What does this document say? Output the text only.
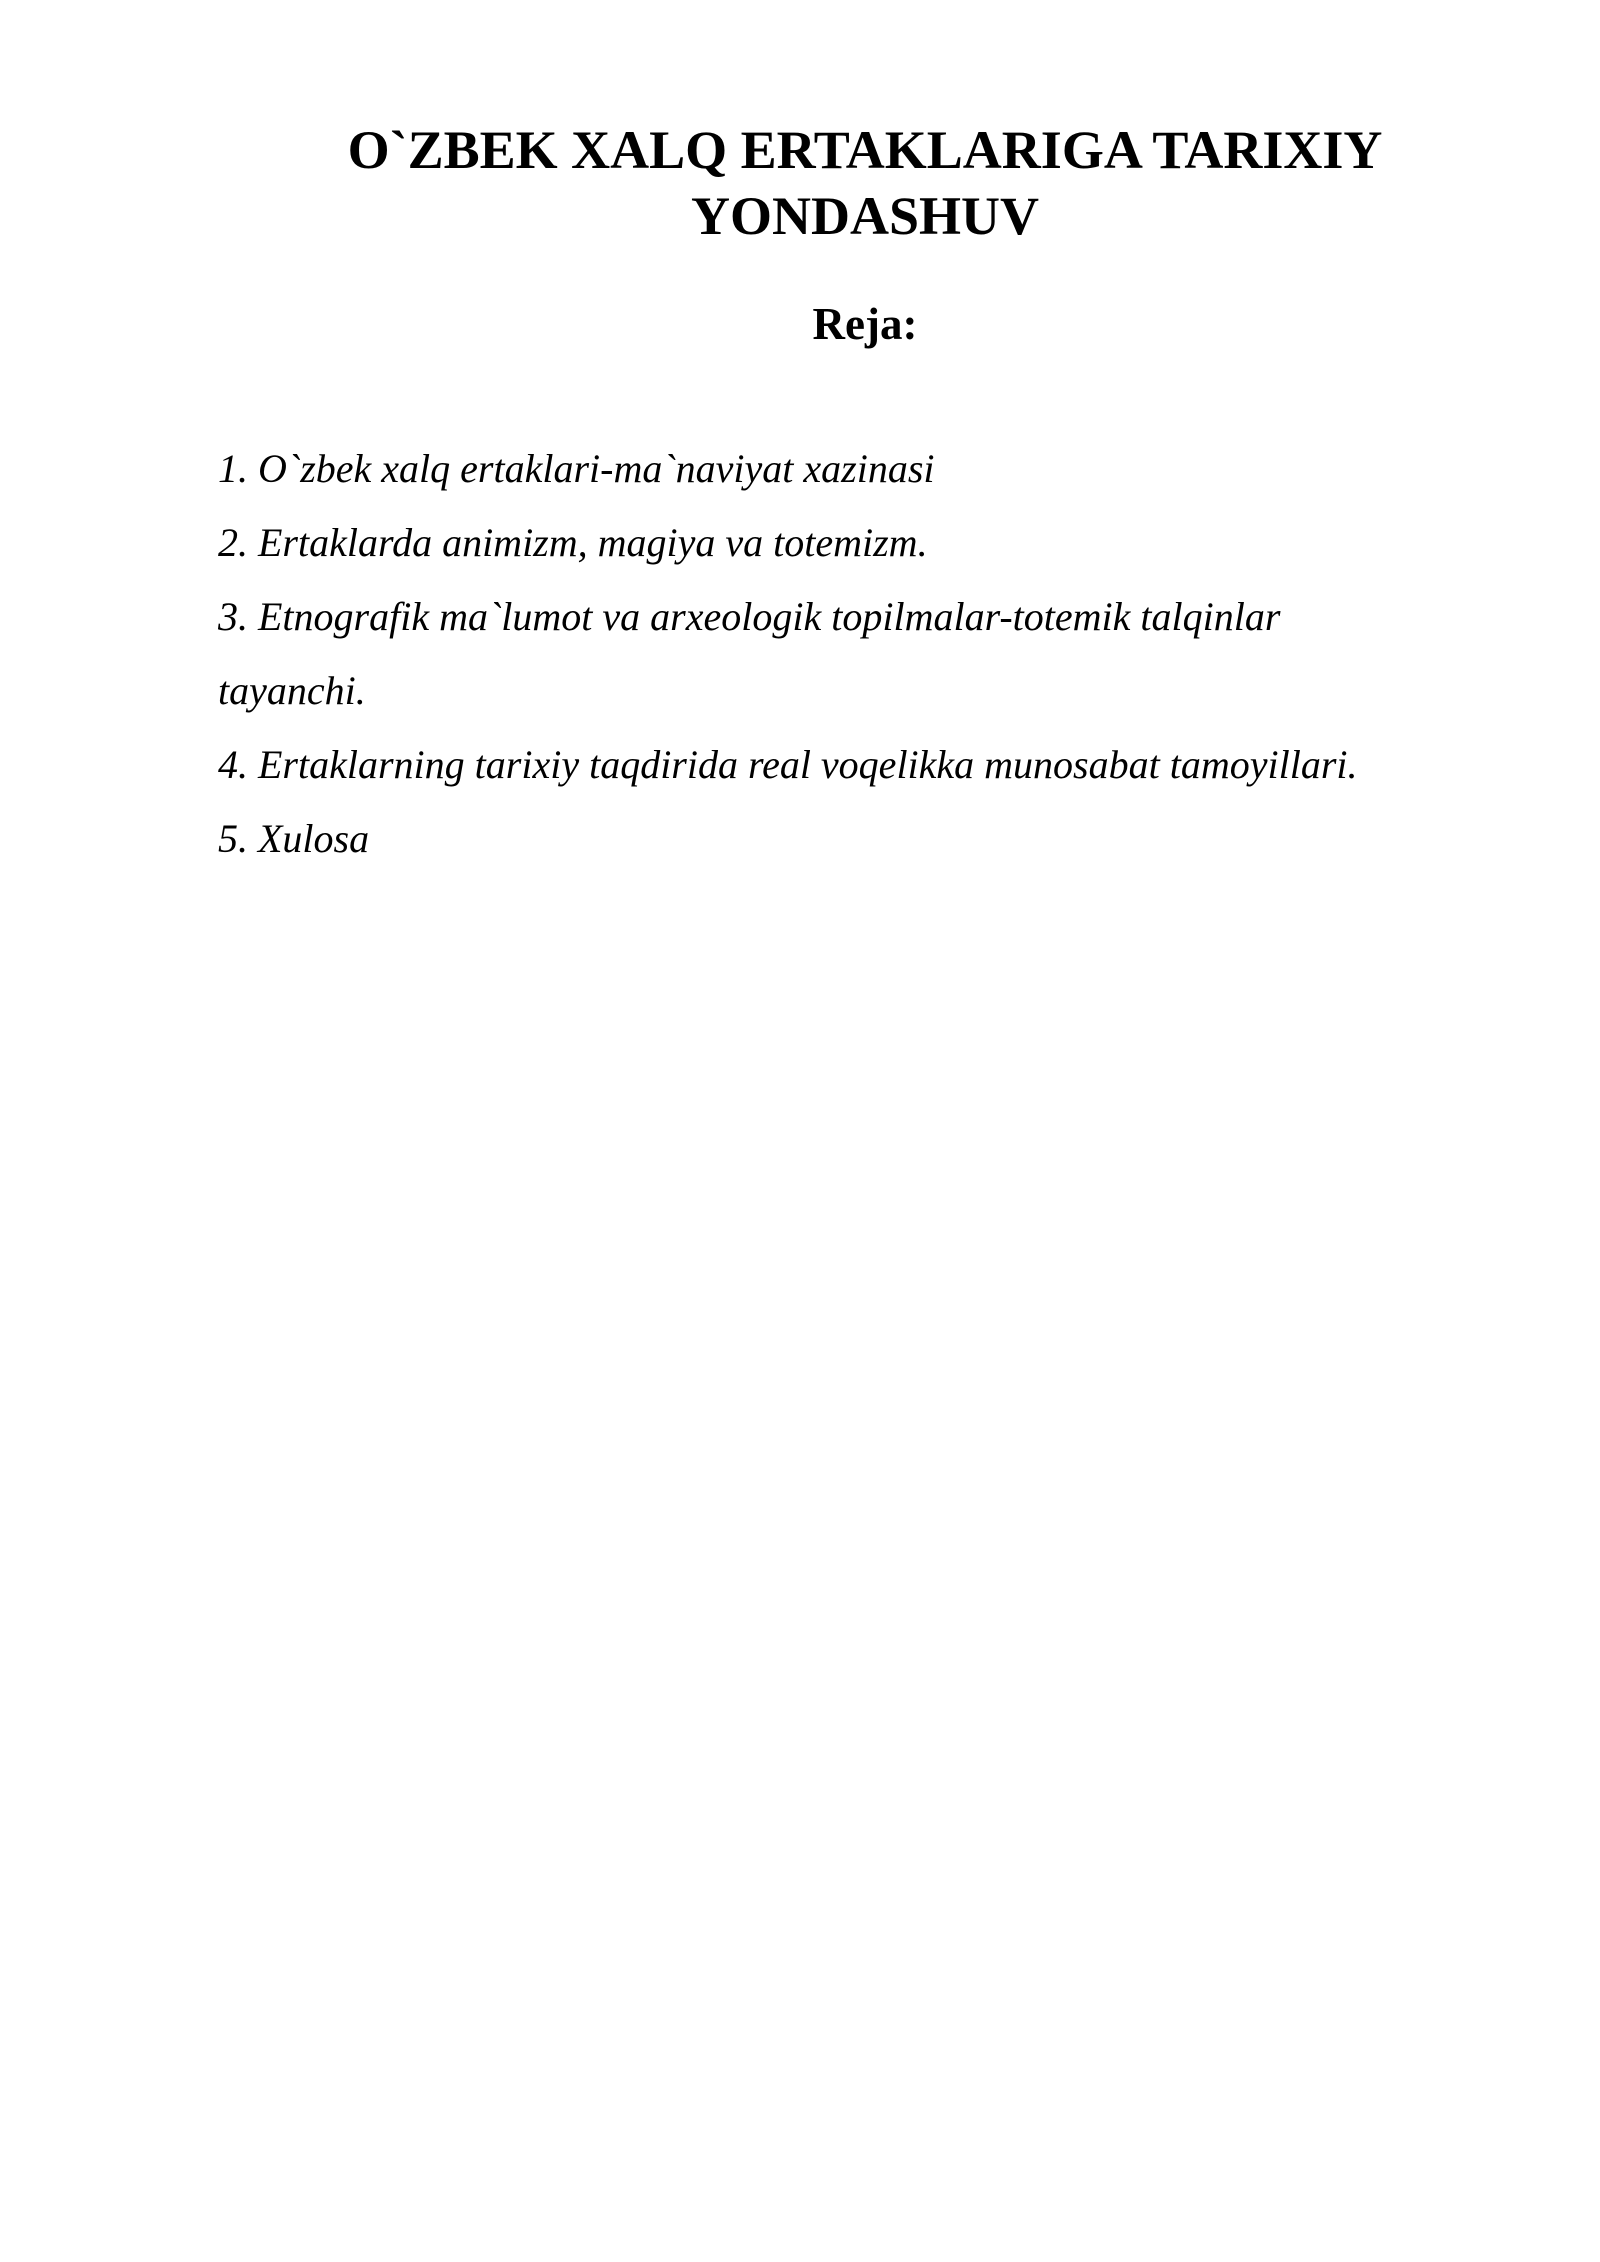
O`ZBEK XALQ ERTAKLARIGA TARIXIY
YONDASHUV
Reja:
1. O`zbek xalq ertaklari-ma`naviyat xazinasi
2. Ertaklarda animizm, magiya va totemizm.
3. Etnografik ma`lumot va arxeologik topilmalar-totemik talqinlar
tayanchi.
4. Ertaklarning tarixiy taqdirida real voqelikka munosabat tamoyillari.
5. Xulosa
